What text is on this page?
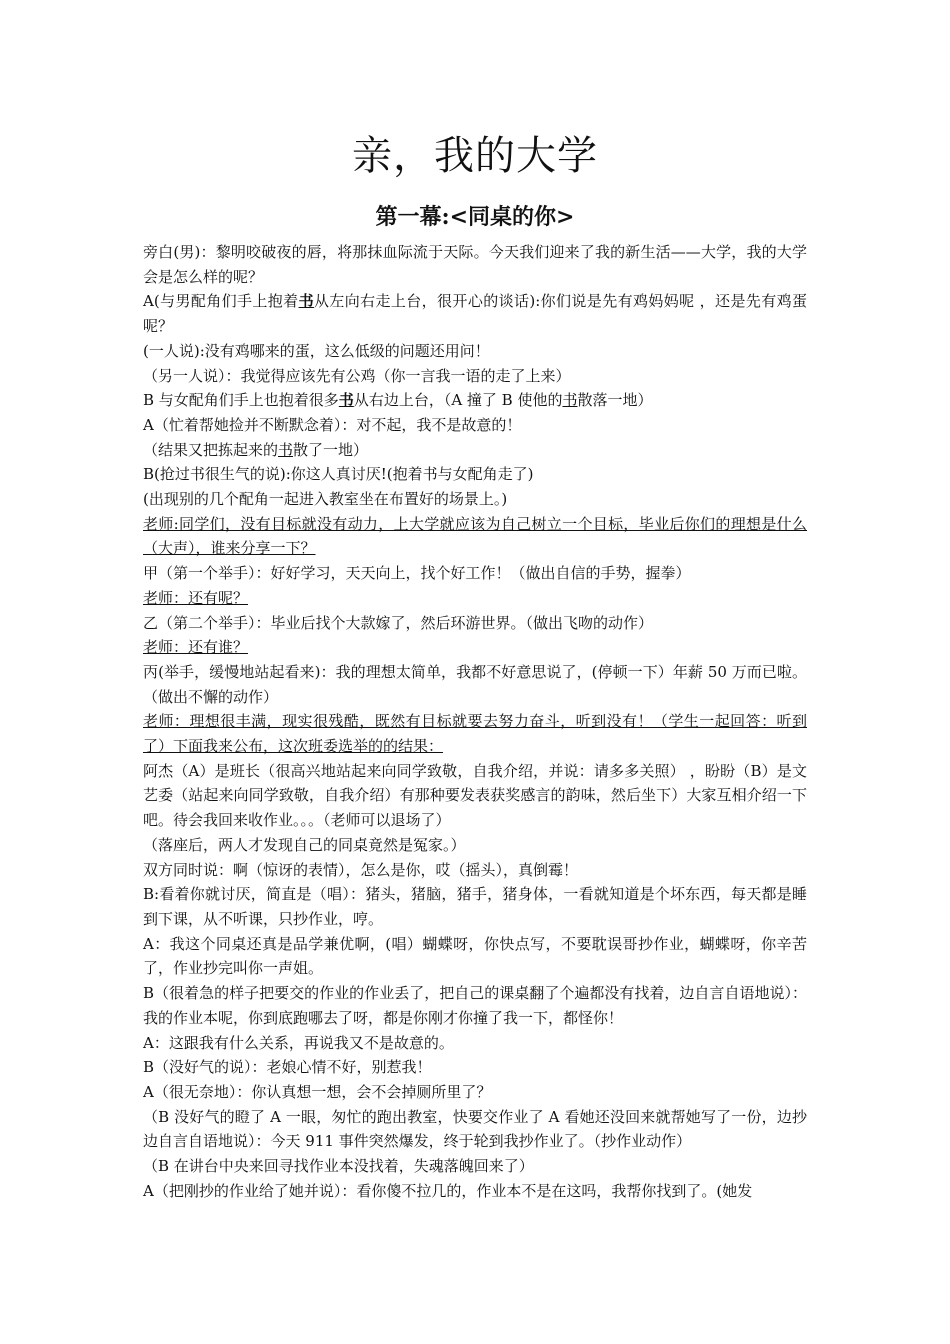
亲，我的大学
第一幕:<同桌的你>

旁白(男)：黎明咬破夜的唇，将那抹血际流于天际。今天我们迎来了我的新生活——大学，我的大学会是怎么样的呢？

A(与男配角们手上抱着书从左向右走上台，很开心的谈话):你们说是先有鸡妈妈呢 ，还是先有鸡蛋呢？

(一人说):没有鸡哪来的蛋，这么低级的问题还用问！

（另一人说）：我觉得应该先有公鸡（你一言我一语的走了上来）

B 与女配角们手上也抱着很多书从右边上台，（A 撞了 B 使他的书散落一地）

A（忙着帮她捡并不断默念着）：对不起，我不是故意的！

（结果又把拣起来的书散了一地）

B(抢过书很生气的说):你这人真讨厌!(抱着书与女配角走了)

(出现别的几个配角一起进入教室坐在布置好的场景上。)

老师:同学们，没有目标就没有动力，上大学就应该为自己树立一个目标，毕业后你们的理想是什么（大声），谁来分享一下？

甲（第一个举手）：好好学习，天天向上，找个好工作！（做出自信的手势，握拳）

老师：还有呢？

乙（第二个举手）：毕业后找个大款嫁了，然后环游世界。（做出飞吻的动作）

老师：还有谁？

丙(举手，缓慢地站起看来)：我的理想太简单，我都不好意思说了，(停顿一下）年薪 50 万而已啦。（做出不懈的动作）

老师：理想很丰满，现实很残酷，既然有目标就要去努力奋斗，听到没有！（学生一起回答：听到了）下面我来公布，这次班委选举的的结果：

阿杰（A）是班长（很高兴地站起来向同学致敬，自我介绍，并说：请多多关照） ，盼盼（B）是文艺委（站起来向同学致敬，自我介绍）有那种要发表获奖感言的韵味，然后坐下）大家互相介绍一下吧。待会我回来收作业。。。（老师可以退场了）

（落座后，两人才发现自己的同桌竟然是冤家。）

双方同时说：啊（惊讶的表情），怎么是你，哎（摇头），真倒霉！

B:看着你就讨厌，简直是（唱）：猪头，猪脑，猪手，猪身体，一看就知道是个坏东西，每天都是睡到下课，从不听课，只抄作业，哼。

A：我这个同桌还真是品学兼优啊，(唱）蝴蝶呀，你快点写，不要耽误哥抄作业，蝴蝶呀，你辛苦了，作业抄完叫你一声姐。

B（很着急的样子把要交的作业的作业丢了，把自己的课桌翻了个遍都没有找着，边自言自语地说）：我的作业本呢，你到底跑哪去了呀，都是你刚才你撞了我一下，都怪你！

A：这跟我有什么关系，再说我又不是故意的。

B（没好气的说）：老娘心情不好，别惹我！

A（很无奈地）：你认真想一想，会不会掉厕所里了？

（B 没好气的瞪了 A 一眼，匆忙的跑出教室，快要交作业了 A 看她还没回来就帮她写了一份，边抄边自言自语地说）：今天 911 事件突然爆发，终于轮到我抄作业了。（抄作业动作）

（B 在讲台中央来回寻找作业本没找着，失魂落魄回来了）

A（把刚抄的作业给了她并说）：看你傻不拉几的，作业本不是在这吗，我帮你找到了。(她发
